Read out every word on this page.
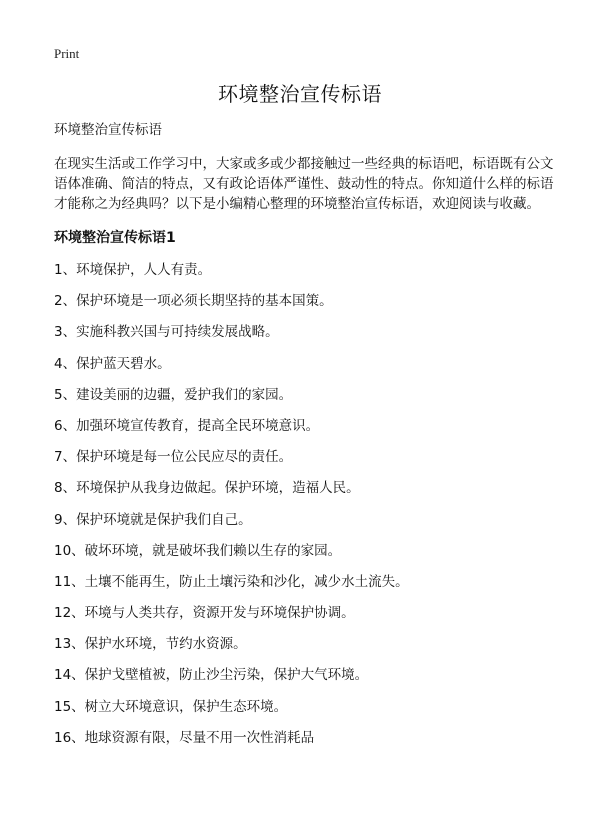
Print
环境整治宣传标语

环境整治宣传标语

在现实生活或工作学习中，大家或多或少都接触过一些经典的标语吧，标语既有公文语体准确、简洁的特点，又有政论语体严谨性、鼓动性的特点。你知道什么样的标语才能称之为经典吗？以下是小编精心整理的环境整治宣传标语，欢迎阅读与收藏。

环境整治宣传标语1

1、环境保护，人人有责。
2、保护环境是一项必须长期坚持的基本国策。
3、实施科教兴国与可持续发展战略。
4、保护蓝天碧水。
5、建设美丽的边疆，爱护我们的家园。
6、加强环境宣传教育，提高全民环境意识。
7、保护环境是每一位公民应尽的责任。
8、环境保护从我身边做起。保护环境，造福人民。
9、保护环境就是保护我们自己。
10、破坏环境，就是破坏我们赖以生存的家园。
11、土壤不能再生，防止土壤污染和沙化，减少水土流失。
12、环境与人类共存，资源开发与环境保护协调。
13、保护水环境，节约水资源。
14、保护戈壁植被，防止沙尘污染，保护大气环境。
15、树立大环境意识，保护生态环境。
16、地球资源有限，尽量不用一次性消耗品
